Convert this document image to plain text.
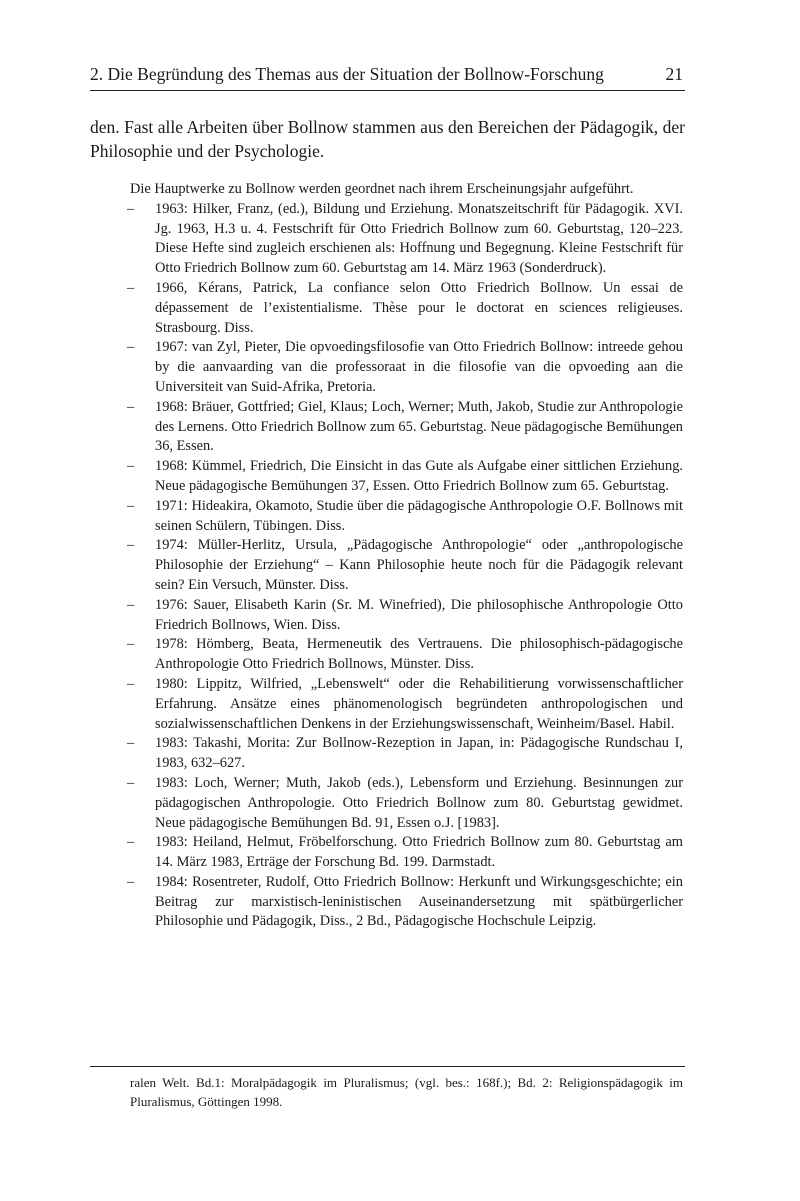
2. Die Begründung des Themas aus der Situation der Bollnow-Forschung	21

den. Fast alle Arbeiten über Bollnow stammen aus den Bereichen der Pädagogik, der Philosophie und der Psychologie.

Die Hauptwerke zu Bollnow werden geordnet nach ihrem Erscheinungsjahr aufgeführt.

– 1963: Hilker, Franz, (ed.), Bildung und Erziehung. Monatszeitschrift für Pädagogik. XVI. Jg. 1963, H.3 u. 4. Festschrift für Otto Friedrich Bollnow zum 60. Geburtstag, 120–223. Diese Hefte sind zugleich erschienen als: Hoffnung und Begegnung. Kleine Festschrift für Otto Friedrich Bollnow zum 60. Geburtstag am 14. März 1963 (Sonderdruck).
– 1966, Kérans, Patrick, La confiance selon Otto Friedrich Bollnow. Un essai de dépassement de l’existentialisme. Thèse pour le doctorat en sciences religieuses. Strasbourg. Diss.
– 1967: van Zyl, Pieter, Die opvoedingsfilosofie van Otto Friedrich Bollnow: intreede gehou by die aanvaarding van die professoraat in die filosofie van die opvoeding aan die Universiteit van Suid-Afrika, Pretoria.
– 1968: Bräuer, Gottfried; Giel, Klaus; Loch, Werner; Muth, Jakob, Studie zur Anthropologie des Lernens. Otto Friedrich Bollnow zum 65. Geburtstag. Neue pädagogische Bemühungen 36, Essen.
– 1968: Kümmel, Friedrich, Die Einsicht in das Gute als Aufgabe einer sittlichen Erziehung. Neue pädagogische Bemühungen 37, Essen. Otto Friedrich Bollnow zum 65. Geburtstag.
– 1971: Hideakira, Okamoto, Studie über die pädagogische Anthropologie O.F. Bollnows mit seinen Schülern, Tübingen. Diss.
– 1974: Müller-Herlitz, Ursula, „Pädagogische Anthropologie“ oder „anthropologische Philosophie der Erziehung“ – Kann Philosophie heute noch für die Pädagogik relevant sein? Ein Versuch, Münster. Diss.
– 1976: Sauer, Elisabeth Karin (Sr. M. Winefried), Die philosophische Anthropologie Otto Friedrich Bollnows, Wien. Diss.
– 1978: Hömberg, Beata, Hermeneutik des Vertrauens. Die philosophisch-pädagogische Anthropologie Otto Friedrich Bollnows, Münster. Diss.
– 1980: Lippitz, Wilfried, „Lebenswelt“ oder die Rehabilitierung vorwissenschaftlicher Erfahrung. Ansätze eines phänomenologisch begründeten anthropologischen und sozialwissenschaftlichen Denkens in der Erziehungswissenschaft, Weinheim/Basel. Habil.
– 1983: Takashi, Morita: Zur Bollnow-Rezeption in Japan, in: Pädagogische Rundschau I, 1983, 632–627.
– 1983: Loch, Werner; Muth, Jakob (eds.), Lebensform und Erziehung. Besinnungen zur pädagogischen Anthropologie. Otto Friedrich Bollnow zum 80. Geburtstag gewidmet. Neue pädagogische Bemühungen Bd. 91, Essen o.J. [1983].
– 1983: Heiland, Helmut, Fröbelforschung. Otto Friedrich Bollnow zum 80. Geburtstag am 14. März 1983, Erträge der Forschung Bd. 199. Darmstadt.
– 1984: Rosentreter, Rudolf, Otto Friedrich Bollnow: Herkunft und Wirkungsgeschichte; ein Beitrag zur marxistisch-leninistischen Auseinandersetzung mit spätbürgerlicher Philosophie und Pädagogik, Diss., 2 Bd., Pädagogische Hochschule Leipzig.

ralen Welt. Bd.1: Moralpädagogik im Pluralismus; (vgl. bes.: 168f.); Bd. 2: Religionspädagogik im Pluralismus, Göttingen 1998.
